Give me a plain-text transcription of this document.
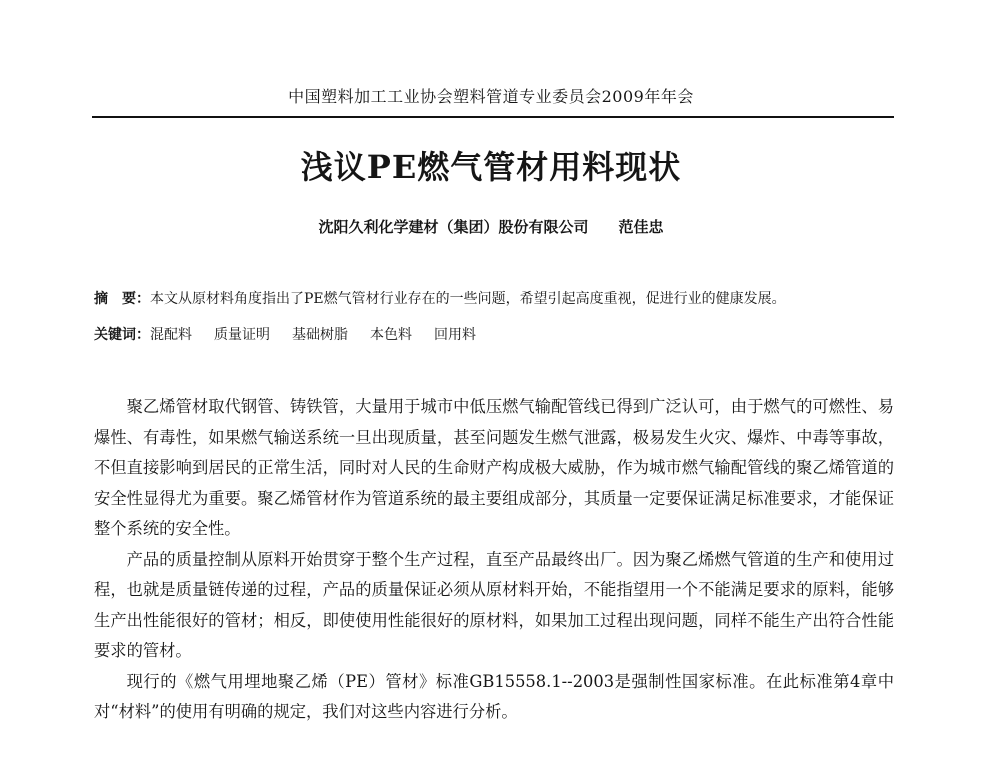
中国塑料加工工业协会塑料管道专业委员会2009年年会
浅议PE燃气管材用料现状
沈阳久利化学建材（集团）股份有限公司　　范佳忠
摘　要：本文从原材料角度指出了PE燃气管材行业存在的一些问题，希望引起高度重视，促进行业的健康发展。
关键词：混配料 质量证明 基础树脂 本色料 回用料

聚乙烯管材取代钢管、铸铁管，大量用于城市中低压燃气输配管线已得到广泛认可，由于燃气的可燃性、易爆性、有毒性，如果燃气输送系统一旦出现质量，甚至问题发生燃气泄露，极易发生火灾、爆炸、中毒等事故，不但直接影响到居民的正常生活，同时对人民的生命财产构成极大威胁，作为城市燃气输配管线的聚乙烯管道的安全性显得尤为重要。聚乙烯管材作为管道系统的最主要组成部分，其质量一定要保证满足标准要求，才能保证整个系统的安全性。

产品的质量控制从原料开始贯穿于整个生产过程，直至产品最终出厂。因为聚乙烯燃气管道的生产和使用过程，也就是质量链传递的过程，产品的质量保证必须从原材料开始，不能指望用一个不能满足要求的原料，能够生产出性能很好的管材；相反，即使使用性能很好的原材料，如果加工过程出现问题，同样不能生产出符合性能要求的管材。

现行的《燃气用埋地聚乙烯（PE）管材》标准GB15558.1--2003是强制性国家标准。在此标准第4章中对“材料”的使用有明确的规定，我们对这些内容进行分析。
